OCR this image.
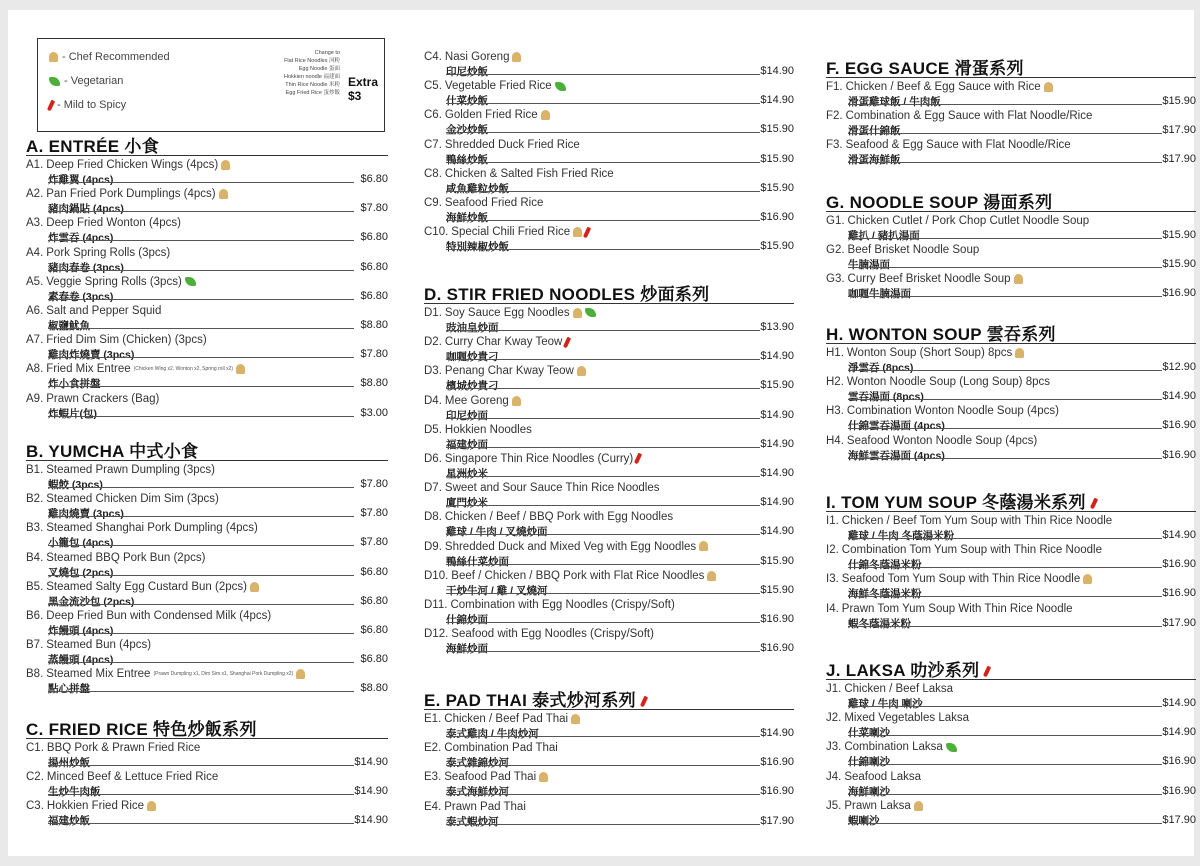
- Chef Recommended
- Vegetarian
- Mild to Spicy
Change to
Flat Rice Noodles 河粉
Egg Noodle 蛋面
Hokkien noodle 福建面
Thin Rice Noodle 米粉
Egg Fried Rice 蛋炒飯
Extra $3
A. ENTRÉE 小食
A1. Deep Fried Chicken Wings (4pcs)
炸雞翼 (4pcs)	$6.80
A2. Pan Fried Pork Dumplings (4pcs)
豬肉鍋貼 (4pcs)	$7.80
A3. Deep Fried Wonton (4pcs)
炸雲吞 (4pcs)	$6.80
A4. Pork Spring Rolls (3pcs)
豬肉春卷 (3pcs)	$6.80
A5. Veggie Spring Rolls (3pcs)
素春卷 (3pcs)	$6.80
A6. Salt and Pepper Squid
椒鹽魷魚	$8.80
A7. Fried Dim Sim (Chicken) (3pcs)
雞肉炸燒賣 (3pcs)	$7.80
A8. Fried Mix Entree (Chicken Wing x2, Wonton x2, Spring roll x2)
炸小食拼盤	$8.80
A9. Prawn Crackers (Bag)
炸蝦片(包)	$3.00
B. YUMCHA 中式小食
B1. Steamed Prawn Dumpling (3pcs)
蝦餃 (3pcs)	$7.80
B2. Steamed Chicken Dim Sim (3pcs)
雞肉燒賣 (3pcs)	$7.80
B3. Steamed Shanghai Pork Dumpling (4pcs)
小籠包 (4pcs)	$7.80
B4. Steamed BBQ Pork Bun (2pcs)
叉燒包 (2pcs)	$6.80
B5. Steamed Salty Egg Custard Bun (2pcs)
黑金流沙包 (2pcs)	$6.80
B6. Deep Fried Bun with Condensed Milk (4pcs)
炸饅頭 (4pcs)	$6.80
B7. Steamed Bun (4pcs)
蒸饅頭 (4pcs)	$6.80
B8. Steamed Mix Entree (Prawn Dumpling x1, Dim Sim x1, Shanghai Pork Dumpling x2)
點心拼盤	$8.80
C. FRIED RICE 特色炒飯系列
C1. BBQ Pork & Prawn Fried Rice
揚州炒飯	$14.90
C2. Minced Beef & Lettuce Fried Rice
生炒牛肉飯	$14.90
C3. Hokkien Fried Rice
福建炒飯	$14.90
C4. Nasi Goreng
印尼炒飯	$14.90
C5. Vegetable Fried Rice
什菜炒飯	$14.90
C6. Golden Fried Rice
金沙炒飯	$15.90
C7. Shredded Duck Fried Rice
鴨絲炒飯	$15.90
C8. Chicken & Salted Fish Fried Rice
咸魚雞粒炒飯	$15.90
C9. Seafood Fried Rice
海鮮炒飯	$16.90
C10. Special Chili Fried Rice
特別辣椒炒飯	$15.90
D. STIR FRIED NOODLES 炒面系列
D1. Soy Sauce Egg Noodles
豉油皇炒面	$13.90
D2. Curry Char Kway Teow
咖喱炒貴刁	$14.90
D3. Penang Char Kway Teow
檳城炒貴刁	$15.90
D4. Mee Goreng
印尼炒面	$14.90
D5. Hokkien Noodles
福建炒面	$14.90
D6. Singapore Thin Rice Noodles (Curry)
星洲炒米	$14.90
D7. Sweet and Sour Sauce Thin Rice Noodles
廈門炒米	$14.90
D8. Chicken / Beef / BBQ Pork with Egg Noodles
雞球 / 牛肉 / 叉燒炒面	$14.90
D9. Shredded Duck and Mixed Veg with Egg Noodles
鴨絲什菜炒面	$15.90
D10. Beef / Chicken / BBQ Pork with Flat Rice Noodles
干炒牛河 / 雞 / 叉燒河	$15.90
D11. Combination with Egg Noodles (Crispy/Soft)
什錦炒面	$16.90
D12. Seafood with Egg Noodles (Crispy/Soft)
海鮮炒面	$16.90
E. PAD THAI 泰式炒河系列
E1. Chicken / Beef Pad Thai
泰式雞肉 / 牛肉炒河	$14.90
E2. Combination Pad Thai
泰式雜錦炒河	$16.90
E3. Seafood Pad Thai
泰式海鮮炒河	$16.90
E4. Prawn Pad Thai
泰式蝦炒河	$17.90
F. EGG SAUCE 滑蛋系列
F1. Chicken / Beef & Egg Sauce with Rice
滑蛋雞球飯 / 牛肉飯	$15.90
F2. Combination & Egg Sauce with Flat Noodle/Rice
滑蛋什錦飯	$17.90
F3. Seafood & Egg Sauce with Flat Noodle/Rice
滑蛋海鮮飯	$17.90
G. NOODLE SOUP 湯面系列
G1. Chicken Cutlet / Pork Chop Cutlet Noodle Soup
雞扒 / 豬扒湯面	$15.90
G2. Beef Brisket Noodle Soup
牛腩湯面	$15.90
G3. Curry Beef Brisket Noodle Soup
咖喱牛腩湯面	$16.90
H. WONTON SOUP 雲吞系列
H1. Wonton Soup (Short Soup) 8pcs
淨雲吞 (8pcs)	$12.90
H2. Wonton Noodle Soup (Long Soup) 8pcs
雲吞湯面 (8pcs)	$14.90
H3. Combination Wonton Noodle Soup (4pcs)
什錦雲吞湯面 (4pcs)	$16.90
H4. Seafood Wonton Noodle Soup (4pcs)
海鮮雲吞湯面 (4pcs)	$16.90
I. TOM YUM SOUP 冬蔭湯米系列
I1. Chicken / Beef Tom Yum Soup with Thin Rice Noodle
雞球 / 牛肉 冬蔭湯米粉	$14.90
I2. Combination Tom Yum Soup with Thin Rice Noodle
什錦冬蔭湯米粉	$16.90
I3. Seafood Tom Yum Soup with Thin Rice Noodle
海鮮冬蔭湯米粉	$16.90
I4. Prawn Tom Yum Soup With Thin Rice Noodle
蝦冬蔭湯米粉	$17.90
J. LAKSA 叻沙系列
J1. Chicken / Beef Laksa
雞球 / 牛肉 喇沙	$14.90
J2. Mixed Vegetables Laksa
什菜喇沙	$14.90
J3. Combination Laksa
什錦喇沙	$16.90
J4. Seafood Laksa
海鮮喇沙	$16.90
J5. Prawn Laksa
蝦喇沙	$17.90
